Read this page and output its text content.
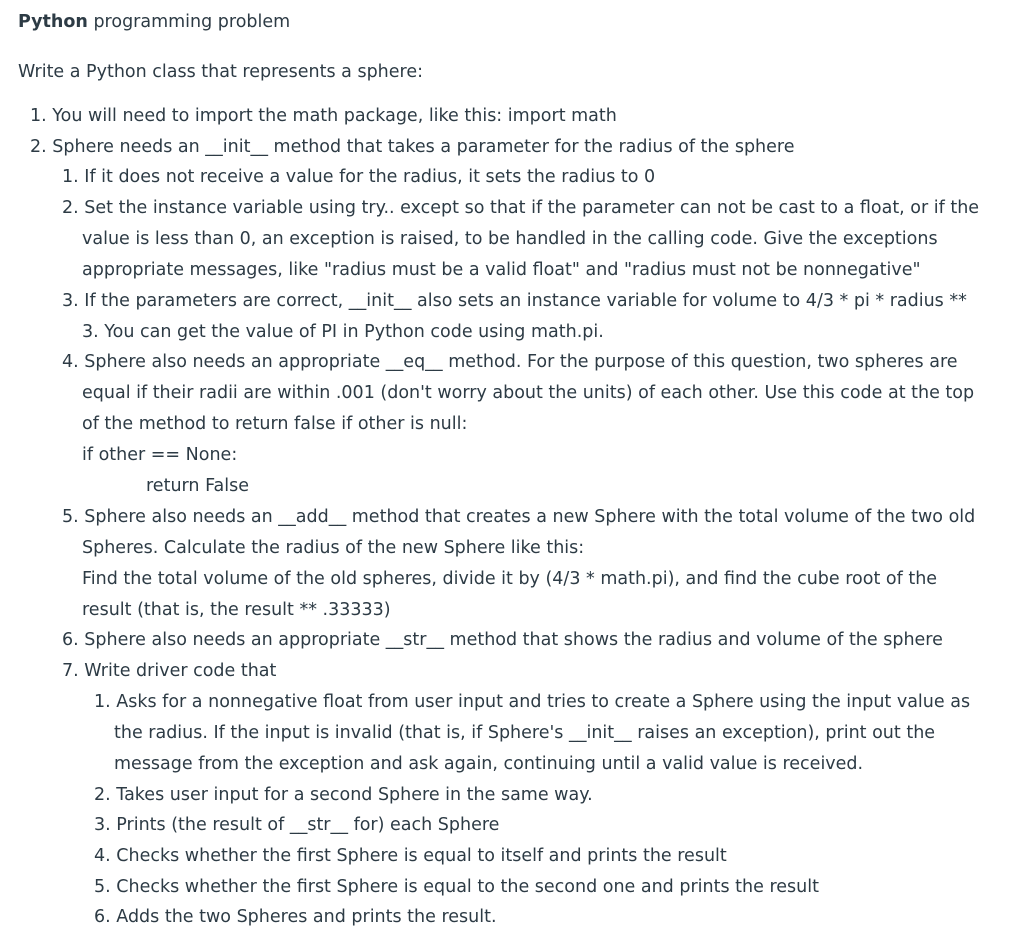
Python programming problem

Write a Python class that represents a sphere:

1. You will need to import the math package, like this: import math
2. Sphere needs an __init__ method that takes a parameter for the radius of the sphere
1. If it does not receive a value for the radius, it sets the radius to 0
2. Set the instance variable using try.. except so that if the parameter can not be cast to a float, or if the
value is less than 0, an exception is raised, to be handled in the calling code. Give the exceptions
appropriate messages, like "radius must be a valid float" and "radius must not be nonnegative"
3. If the parameters are correct, __init__ also sets an instance variable for volume to 4/3 * pi * radius **
3. You can get the value of PI in Python code using math.pi.
4. Sphere also needs an appropriate __eq__ method. For the purpose of this question, two spheres are
equal if their radii are within .001 (don't worry about the units) of each other. Use this code at the top
of the method to return false if other is null:
if other == None:
return False
5. Sphere also needs an __add__ method that creates a new Sphere with the total volume of the two old
Spheres. Calculate the radius of the new Sphere like this:
Find the total volume of the old spheres, divide it by (4/3 * math.pi), and find the cube root of the
result (that is, the result ** .33333)
6. Sphere also needs an appropriate __str__ method that shows the radius and volume of the sphere
7. Write driver code that
1. Asks for a nonnegative float from user input and tries to create a Sphere using the input value as
the radius. If the input is invalid (that is, if Sphere's __init__ raises an exception), print out the
message from the exception and ask again, continuing until a valid value is received.
2. Takes user input for a second Sphere in the same way.
3. Prints (the result of __str__ for) each Sphere
4. Checks whether the first Sphere is equal to itself and prints the result
5. Checks whether the first Sphere is equal to the second one and prints the result
6. Adds the two Spheres and prints the result.
